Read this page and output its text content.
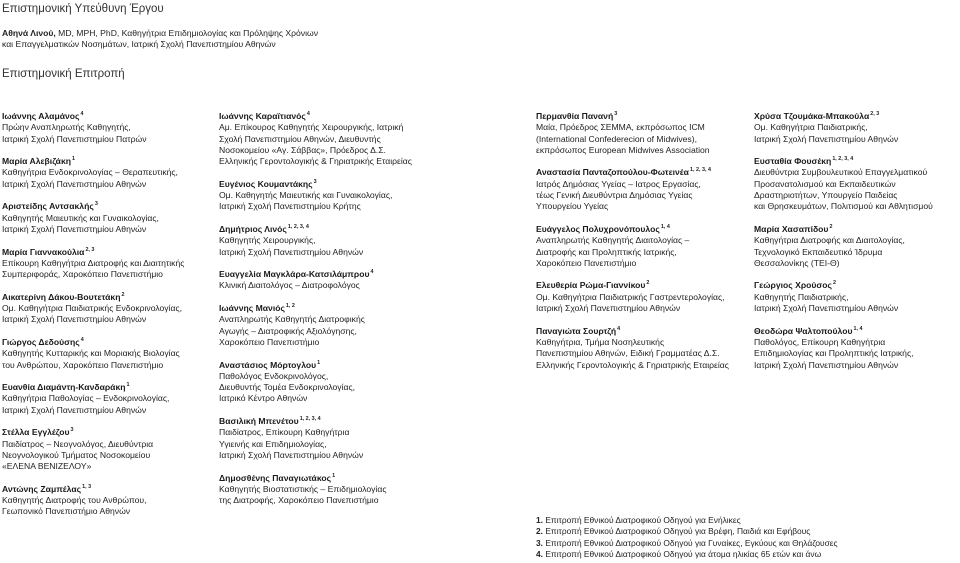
Επιστημονική Υπεύθυνη Έργου
Αθηνά Λινού, MD, MPH, PhD, Καθηγήτρια Επιδημιολογίας και Πρόληψης Χρόνιων
και Επαγγελματικών Νοσημάτων, Ιατρική Σχολή Πανεπιστημίου Αθηνών
Επιστημονική Επιτροπή
Ιωάννης Αλαμάνος$^4$
Πρώην Αναπληρωτής Καθηγητής,
Ιατρική Σχολή Πανεπιστημίου Πατρών
Μαρία Αλεβιζάκη$^1$
Καθηγήτρια Ενδοκρινολογίας – Θεραπευτικής,
Ιατρική Σχολή Πανεπιστημίου Αθηνών
Αριστείδης Αντσακλής$^3$
Καθηγητής Μαιευτικής και Γυναικολογίας,
Ιατρική Σχολή Πανεπιστημίου Αθηνών
Μαρία Γιαννακούλια$^{2, 3}$
Επίκουρη Καθηγήτρια Διατροφής και Διαιτητικής
Συμπεριφοράς, Χαροκόπειο Πανεπιστήμιο
Αικατερίνη Δάκου-Βουτετάκη$^2$
Ομ. Καθηγήτρια Παιδιατρικής Ενδοκρινολογίας,
Ιατρική Σχολή Πανεπιστημίου Αθηνών
Γιώργος Δεδούσης$^4$
Καθηγητής Κυτταρικής και Μοριακής Βιολογίας
του Ανθρώπου, Χαροκόπειο Πανεπιστήμιο
Ευανθία Διαμάντη-Κανδαράκη$^1$
Καθηγήτρια Παθολογίας – Ενδοκρινολογίας,
Ιατρική Σχολή Πανεπιστημίου Αθηνών
Στέλλα Εγγλέζου$^3$
Παιδίατρος – Νεογνολόγος, Διευθύντρια
Νεογνολογικού Τμήματος Νοσοκομείου
«ΕΛΕΝΑ ΒΕΝΙΖΕΛΟΥ»
Αντώνης Ζαμπέλας$^{1, 3}$
Καθηγητής Διατροφής του Ανθρώπου,
Γεωπονικό Πανεπιστήμιο Αθηνών
Ιωάννης Καραϊτιανός$^4$
Αμ. Επίκουρος Καθηγητής Χειρουργικής, Ιατρική
Σχολή Πανεπιστημίου Αθηνών, Διευθυντής
Νοσοκομείου «Αγ. Σάββας», Πρόεδρος Δ.Σ.
Ελληνικής Γεροντολογικής & Γηριατρικής Εταιρείας
Ευγένιος Κουμαντάκης$^3$
Ομ. Καθηγητής Μαιευτικής και Γυναικολογίας,
Ιατρική Σχολή Πανεπιστημίου Κρήτης
Δημήτριος Λινός$^{1, 2, 3, 4}$
Καθηγητής Χειρουργικής,
Ιατρική Σχολή Πανεπιστημίου Αθηνών
Ευαγγελία Μαγκλάρα-Κατσιλάμπρου$^4$
Κλινική Διαιτολόγος – Διατροφολόγος
Ιωάννης Μανιός$^{1, 2}$
Αναπληρωτής Καθηγητής Διατροφικής
Αγωγής – Διατροφικής Αξιολόγησης,
Χαροκόπειο Πανεπιστήμιο
Αναστάσιος Μόρτογλου$^1$
Παθολόγος Ενδοκρινολόγος,
Διευθυντής Τομέα Ενδοκρινολογίας,
Ιατρικό Κέντρο Αθηνών
Βασιλική Μπενέτου$^{1, 2, 3, 4}$
Παιδίατρος, Επίκουρη Καθηγήτρια
Υγιεινής και Επιδημιολογίας,
Ιατρική Σχολή Πανεπιστημίου Αθηνών
Δημοσθένης Παναγιωτάκος$^1$
Καθηγητής Βιοστατιστικής – Επιδημιολογίας
της Διατροφής, Χαροκόπειο Πανεπιστήμιο
Περμανθία Πανανή$^3$
Μαία, Πρόεδρος ΣΕΜΜΑ, εκπρόσωπος ICM
(International Confederecion of Midwives),
εκπρόσωπος European Midwives Association
Αναστασία Πανταζοπούλου-Φωτεινέα$^{1, 2, 3, 4}$
Ιατρός Δημόσιας Υγείας – Ιατρος Εργασίας,
τέως Γενική Διευθύντρια Δημόσιας Υγείας
Υπουργείου Υγείας
Ευάγγελος Πολυχρονόπουλος$^{1, 4}$
Αναπληρωτής Καθηγητής Διαιτολογίας –
Διατροφής και Προληπτικής Ιατρικής,
Χαροκόπειο Πανεπιστήμιο
Ελευθερία Ρώμα-Γιαννίκου$^2$
Ομ. Καθηγήτρια Παιδιατρικής Γαστρεντερολογίας,
Ιατρική Σχολή Πανεπιστημίου Αθηνών
Παναγιώτα Σουρτζή$^4$
Καθηγήτρια, Τμήμα Νοσηλευτικής
Πανεπιστημίου Αθηνών, Ειδική Γραμματέας Δ.Σ.
Ελληνικής Γεροντολογικής & Γηριατρικής Εταιρείας
Χρύσα Τζουμάκα-Μπακούλα$^{2, 3}$
Ομ. Καθηγήτρια Παιδιατρικής,
Ιατρική Σχολή Πανεπιστημίου Αθηνών
Ευσταθία Φουσέκη$^{1, 2, 3, 4}$
Διευθύντρια Συμβουλευτικού Επαγγελματικού
Προσανατολισμού και Εκπαιδευτικών
Δραστηριοτήτων, Υπουργείο Παιδείας
και Θρησκευμάτων, Πολιτισμού και Αθλητισμού
Μαρία Χασαπίδου$^2$
Καθηγήτρια Διατροφής και Διαιτολογίας,
Τεχνολογικό Εκπαιδευτικό Ίδρυμα
Θεσσαλονίκης (ΤΕΙ-Θ)
Γεώργιος Χρούσος$^2$
Καθηγητής Παιδιατρικής,
Ιατρική Σχολή Πανεπιστημίου Αθηνών
Θεοδώρα Ψαλτοπούλου$^{1, 4}$
Παθολόγος, Επίκουρη Καθηγήτρια
Επιδημιολογίας και Προληπτικής Ιατρικής,
Ιατρική Σχολή Πανεπιστημίου Αθηνών
1. Επιτροπή Εθνικού Διατροφικού Οδηγού για Ενήλικες
2. Επιτροπή Εθνικού Διατροφικού Οδηγού για Βρέφη, Παιδιά και Εφήβους
3. Επιτροπή Εθνικού Διατροφικού Οδηγού για Γυναίκες, Εγκύους και Θηλάζουσες
4. Επιτροπή Εθνικού Διατροφικού Οδηγού για άτομα ηλικίας 65 ετών και άνω
